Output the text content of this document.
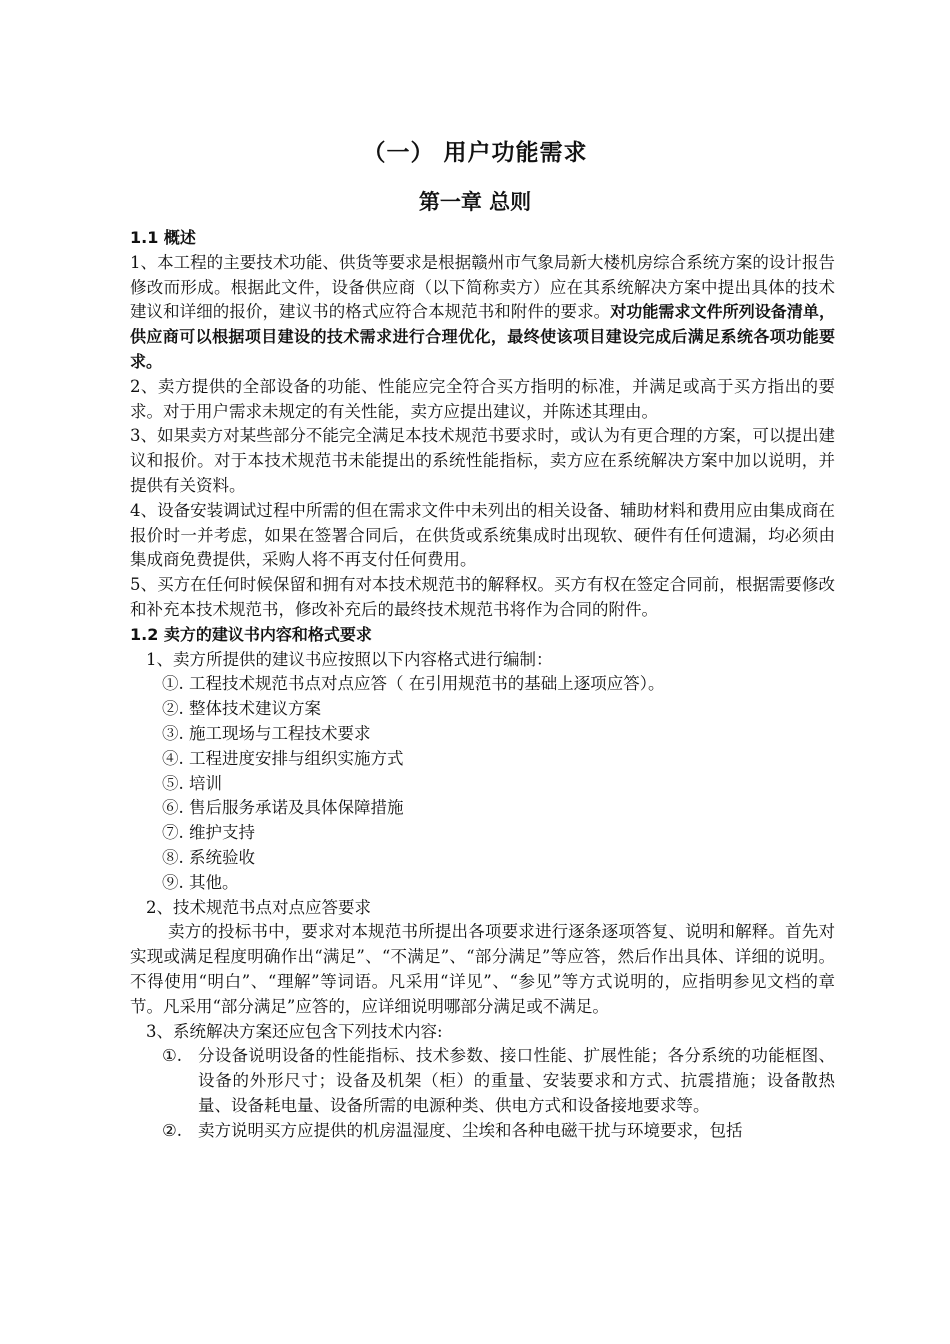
（一） 用户功能需求
第一章 总则
1.1 概述
1、本工程的主要技术功能、供货等要求是根据赣州市气象局新大楼机房综合系统方案的设计报告修改而形成。根据此文件，设备供应商（以下简称卖方）应在其系统解决方案中提出具体的技术建议和详细的报价，建议书的格式应符合本规范书和附件的要求。对功能需求文件所列设备清单，供应商可以根据项目建设的技术需求进行合理优化，最终使该项目建设完成后满足系统各项功能要求。
2、卖方提供的全部设备的功能、性能应完全符合买方指明的标准，并满足或高于买方指出的要求。对于用户需求未规定的有关性能，卖方应提出建议，并陈述其理由。
3、如果卖方对某些部分不能完全满足本技术规范书要求时，或认为有更合理的方案，可以提出建议和报价。对于本技术规范书未能提出的系统性能指标，卖方应在系统解决方案中加以说明，并提供有关资料。
4、设备安装调试过程中所需的但在需求文件中未列出的相关设备、辅助材料和费用应由集成商在报价时一并考虑，如果在签署合同后，在供货或系统集成时出现软、硬件有任何遗漏，均必须由集成商免费提供，采购人将不再支付任何费用。
5、买方在任何时候保留和拥有对本技术规范书的解释权。买方有权在签定合同前，根据需要修改和补充本技术规范书，修改补充后的最终技术规范书将作为合同的附件。
1.2 卖方的建议书内容和格式要求
1、卖方所提供的建议书应按照以下内容格式进行编制：
①. 工程技术规范书点对点应答（ 在引用规范书的基础上逐项应答）。
②. 整体技术建议方案
③. 施工现场与工程技术要求
④. 工程进度安排与组织实施方式
⑤. 培训
⑥. 售后服务承诺及具体保障措施
⑦. 维护支持
⑧. 系统验收
⑨. 其他。
2、技术规范书点对点应答要求
卖方的投标书中，要求对本规范书所提出各项要求进行逐条逐项答复、说明和解释。首先对实现或满足程度明确作出“满足”、“不满足”、“部分满足”等应答，然后作出具体、详细的说明。不得使用“明白”、“理解”等词语。凡采用“详见”、“参见”等方式说明的，应指明参见文档的章节。凡采用“部分满足”应答的，应详细说明哪部分满足或不满足。
3、系统解决方案还应包含下列技术内容:
①. 分设备说明设备的性能指标、技术参数、接口性能、扩展性能；各分系统的功能框图、设备的外形尺寸；设备及机架（柜）的重量、安装要求和方式、抗震措施；设备散热量、设备耗电量、设备所需的电源种类、供电方式和设备接地要求等。
②. 卖方说明买方应提供的机房温湿度、尘埃和各种电磁干扰与环境要求，包括
